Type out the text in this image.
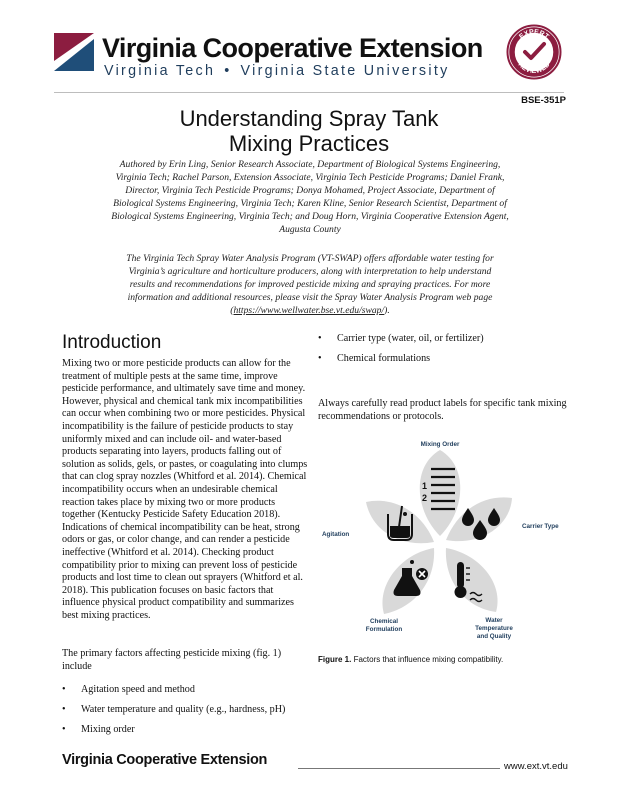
Virginia Cooperative Extension
Virginia Tech • Virginia State University
EXPERT
REVIEWED
BSE-351P
Understanding Spray Tank
Mixing Practices
Authored by Erin Ling, Senior Research Associate, Department of Biological Systems Engineering, Virginia Tech; Rachel Parson, Extension Associate, Virginia Tech Pesticide Programs; Daniel Frank, Director, Virginia Tech Pesticide Programs; Donya Mohamed, Project Associate, Department of Biological Systems Engineering, Virginia Tech; Karen Kline, Senior Research Scientist, Department of Biological Systems Engineering, Virginia Tech; and Doug Horn, Virginia Cooperative Extension Agent, Augusta County
The Virginia Tech Spray Water Analysis Program (VT-SWAP) offers affordable water testing for Virginia’s agriculture and horticulture producers, along with interpretation to help understand results and recommendations for improved pesticide mixing and spraying practices. For more information and additional resources, please visit the Spray Water Analysis Program web page (https://www.wellwater.bse.vt.edu/swap/).
Introduction
Mixing two or more pesticide products can allow for the treatment of multiple pests at the same time, improve pesticide performance, and ultimately save time and money. However, physical and chemical tank mix incompatibilities can occur when combining two or more pesticides. Physical incompatibility is the failure of pesticide products to stay uniformly mixed and can include oil- and water-based products separating into layers, products falling out of solution as solids, gels, or pastes, or coagulating into clumps that can clog spray nozzles (Whitford et al. 2014). Chemical incompatibility occurs when an undesirable chemical reaction takes place by mixing two or more products together (Kentucky Pesticide Safety Education 2018). Indications of chemical incompatibility can be heat, strong odors or gas, or color change, and can render a pesticide ineffective (Whitford et al. 2014). Checking product compatibility prior to mixing can prevent loss of pesticide products and lost time to clean out sprayers (Whitford et al. 2018). This publication focuses on basic factors that influence physical product compatibility and summarizes best mixing practices.
The primary factors affecting pesticide mixing (fig. 1) include
• Agitation speed and method
• Water temperature and quality (e.g., hardness, pH)
• Mixing order
• Carrier type (water, oil, or fertilizer)
• Chemical formulations
Always carefully read product labels for specific tank mixing recommendations or protocols.
1
2
Mixing Order
Carrier Type
Agitation
Chemical
Formulation
Water
Temperature
and Quality
Figure 1. Factors that influence mixing compatibility.
Virginia Cooperative Extension	www.ext.vt.edu
